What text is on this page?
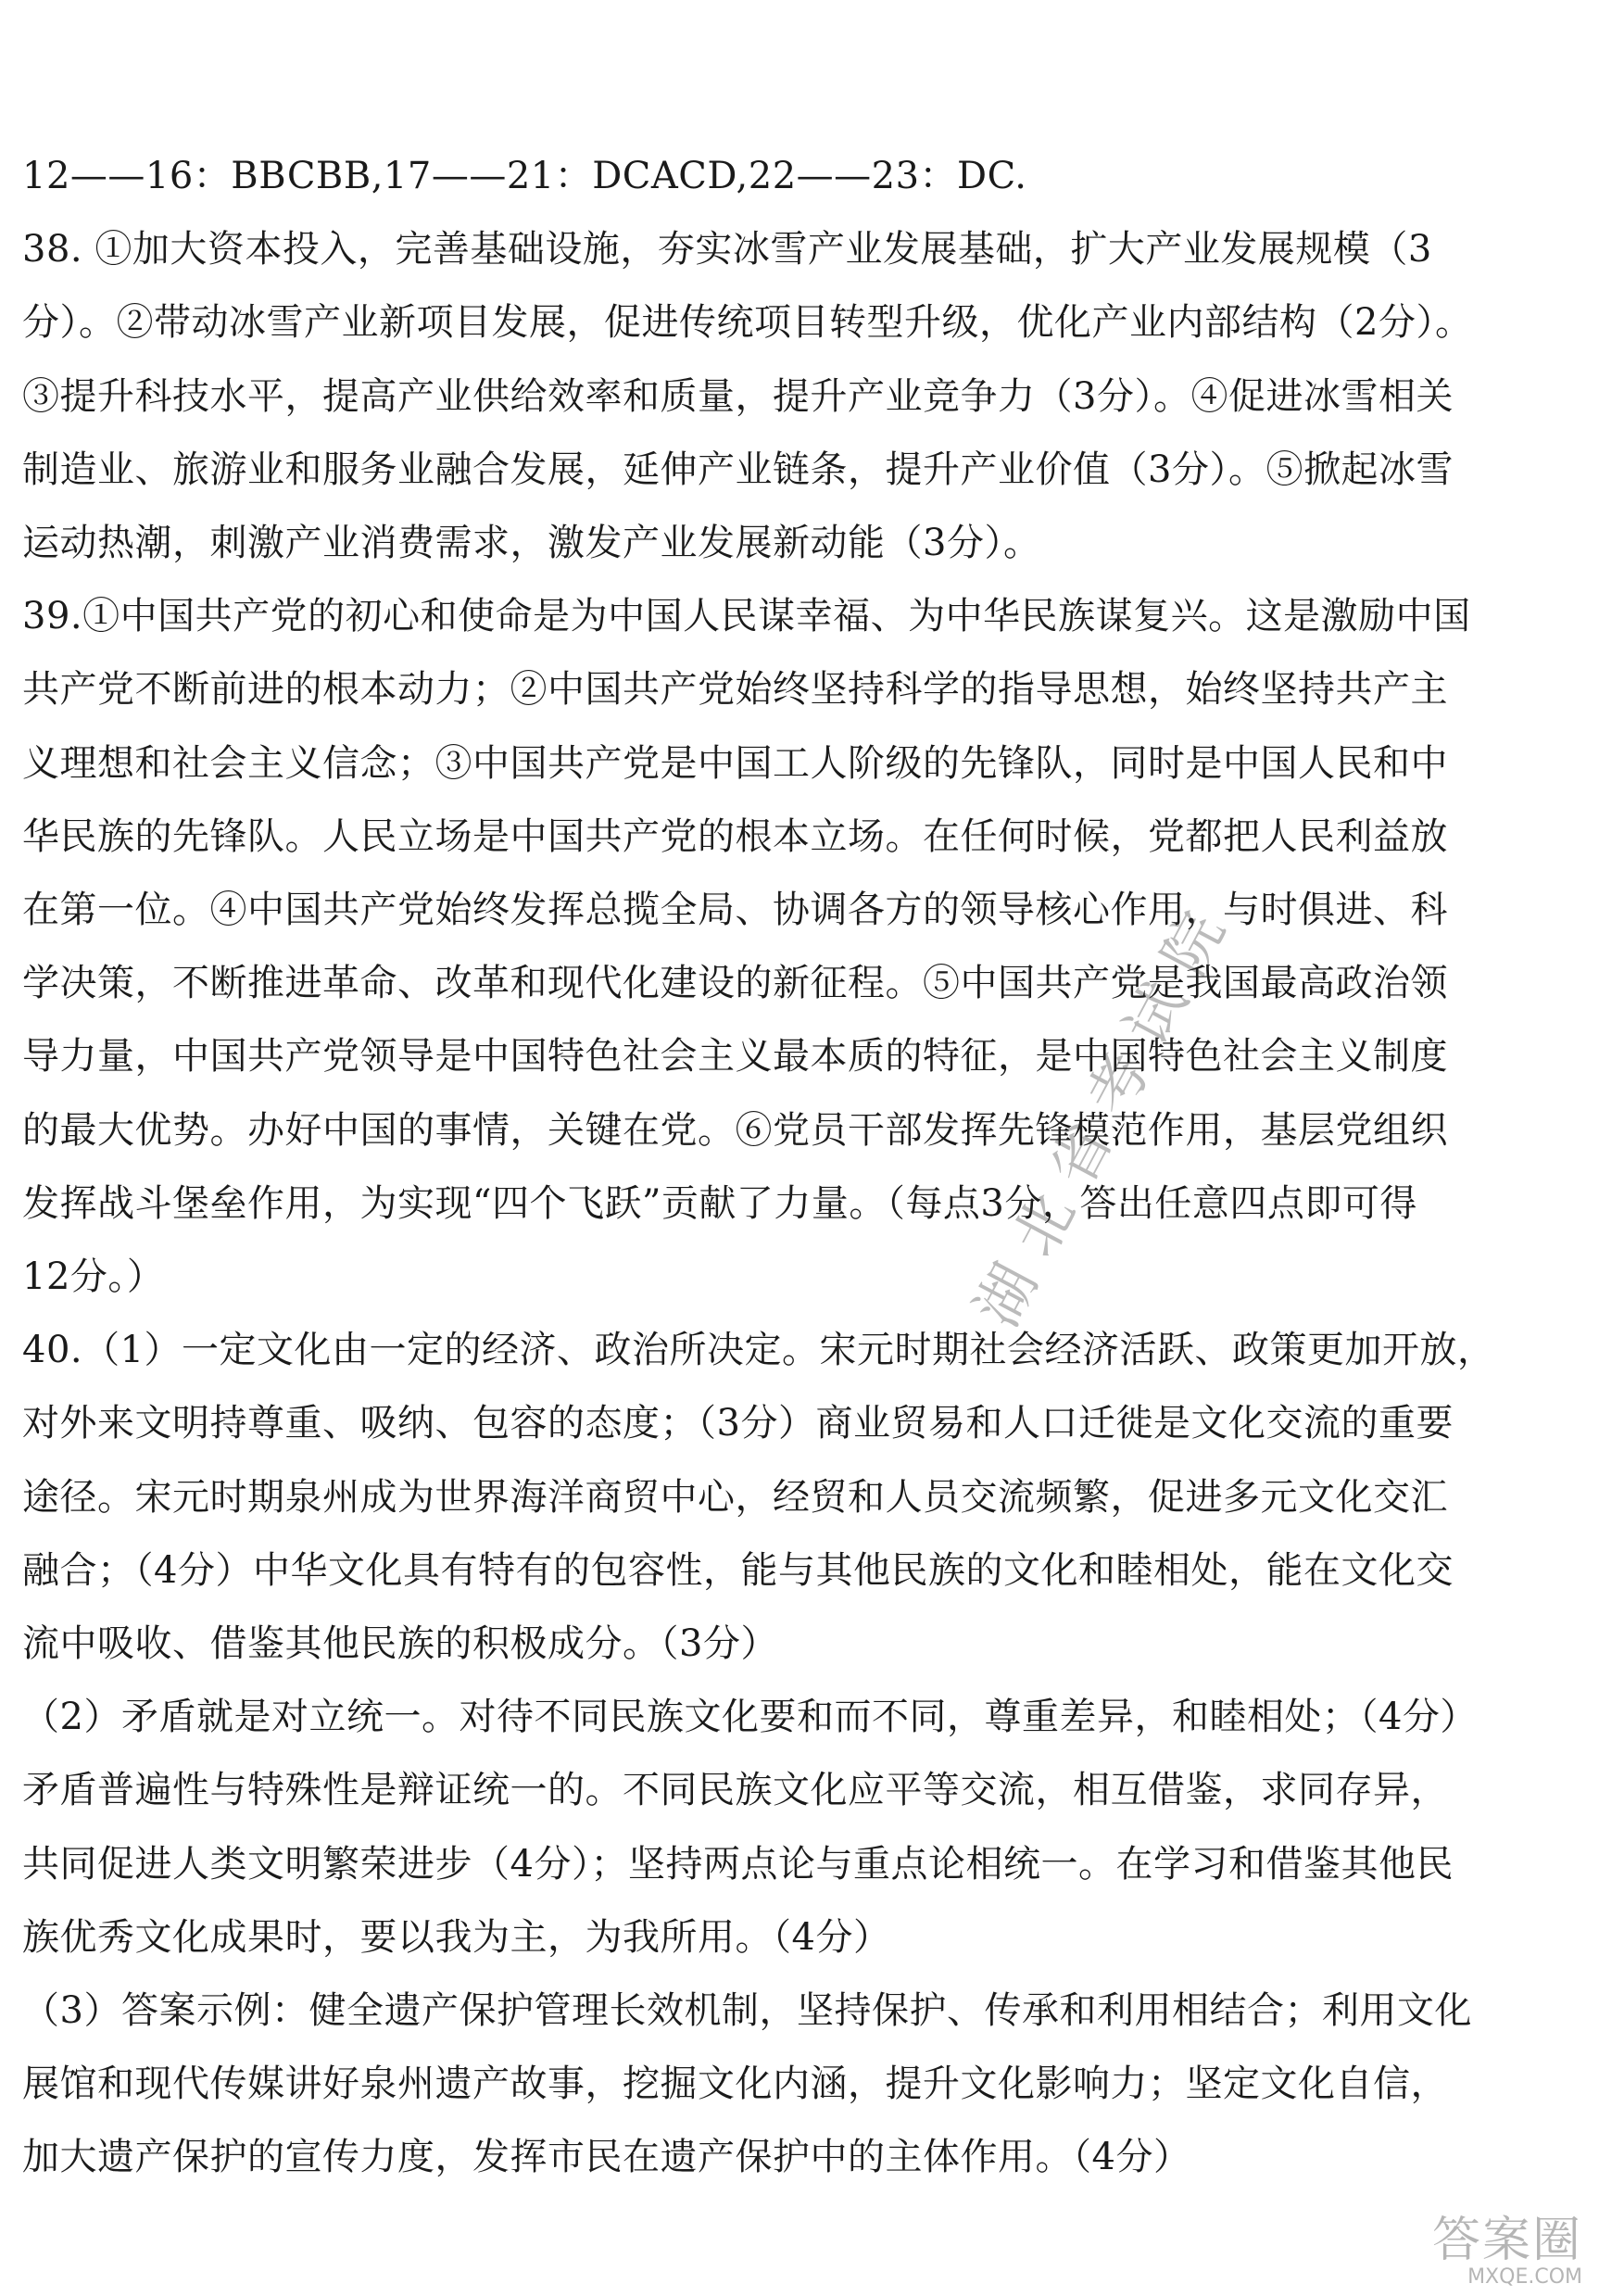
12——16：BBCBB,17——21：DCACD,22——23：DC.
38. ①加大资本投入，完善基础设施，夯实冰雪产业发展基础，扩大产业发展规模（3
分）。②带动冰雪产业新项目发展，促进传统项目转型升级，优化产业内部结构（2分）。
③提升科技水平，提高产业供给效率和质量，提升产业竞争力（3分）。④促进冰雪相关
制造业、旅游业和服务业融合发展，延伸产业链条，提升产业价值（3分）。⑤掀起冰雪
运动热潮，刺激产业消费需求，激发产业发展新动能（3分）。
39.①中国共产党的初心和使命是为中国人民谋幸福、为中华民族谋复兴。这是激励中国
共产党不断前进的根本动力；②中国共产党始终坚持科学的指导思想，始终坚持共产主
义理想和社会主义信念；③中国共产党是中国工人阶级的先锋队，同时是中国人民和中
华民族的先锋队。人民立场是中国共产党的根本立场。在任何时候，党都把人民利益放
在第一位。④中国共产党始终发挥总揽全局、协调各方的领导核心作用，与时俱进、科
学决策，不断推进革命、改革和现代化建设的新征程。⑤中国共产党是我国最高政治领
导力量，中国共产党领导是中国特色社会主义最本质的特征，是中国特色社会主义制度
的最大优势。办好中国的事情，关键在党。⑥党员干部发挥先锋模范作用，基层党组织
发挥战斗堡垒作用，为实现“四个飞跃”贡献了力量。（每点3分，答出任意四点即可得
12分。）
40.（1）一定文化由一定的经济、政治所决定。宋元时期社会经济活跃、政策更加开放，
对外来文明持尊重、吸纳、包容的态度；（3分）商业贸易和人口迁徙是文化交流的重要
途径。宋元时期泉州成为世界海洋商贸中心，经贸和人员交流频繁，促进多元文化交汇
融合；（4分）中华文化具有特有的包容性，能与其他民族的文化和睦相处，能在文化交
流中吸收、借鉴其他民族的积极成分。（3分）
（2）矛盾就是对立统一。对待不同民族文化要和而不同，尊重差异，和睦相处；（4分）
矛盾普遍性与特殊性是辩证统一的。不同民族文化应平等交流，相互借鉴，求同存异，
共同促进人类文明繁荣进步（4分）；坚持两点论与重点论相统一。在学习和借鉴其他民
族优秀文化成果时，要以我为主，为我所用。（4分）
（3）答案示例：健全遗产保护管理长效机制，坚持保护、传承和利用相结合；利用文化
展馆和现代传媒讲好泉州遗产故事，挖掘文化内涵，提升文化影响力；坚定文化自信，
加大遗产保护的宣传力度，发挥市民在遗产保护中的主体作用。（4分）
湖北省考试院
答案圈
MXQE.COM
